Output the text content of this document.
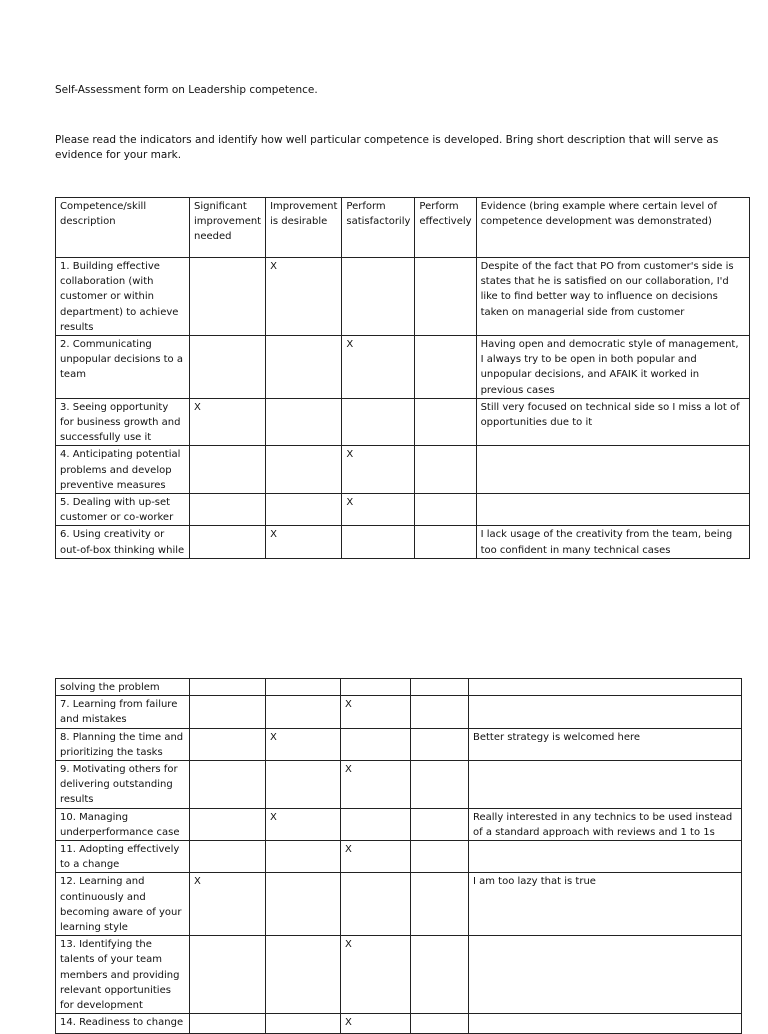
Self-Assessment form on Leadership competence.
Please read the indicators and identify how well particular competence is developed. Bring short description that will serve as evidence for your mark.
Competence/skill description	Significant improvement needed	Improvement is desirable	Perform satisfactorily	Perform effectively	Evidence (bring example where certain level of competence development was demonstrated)
1. Building effective collaboration (with customer or within department) to achieve results		X			Despite of the fact that PO from customer's side is states that he is satisfied on our collaboration, I'd like to find better way to influence on decisions taken on managerial side from customer
2. Communicating unpopular decisions to a team			X		Having open and democratic style of management, I always try to be open in both popular and unpopular decisions, and AFAIK it worked in previous cases
3. Seeing opportunity for business growth and successfully use it	X				Still very focused on technical side so I miss a lot of opportunities due to it
4. Anticipating potential problems and develop preventive measures			X		
5. Dealing with up-set customer or co-worker			X		
6. Using creativity or out-of-box thinking while		X			I lack usage of the creativity from the team, being too confident in many technical cases
solving the problem					
7. Learning from failure and mistakes			X		
8. Planning the time and prioritizing the tasks		X			Better strategy is welcomed here
9. Motivating others for delivering outstanding results			X		
10. Managing underperformance case		X			Really interested in any technics to be used instead of a standard approach with reviews and 1 to 1s
11. Adopting effectively to a change			X		
12. Learning and continuously and becoming aware of your learning style	X				I am too lazy that is true
13. Identifying the talents of your team members and providing relevant opportunities for development			X		
14. Readiness to change			X		
